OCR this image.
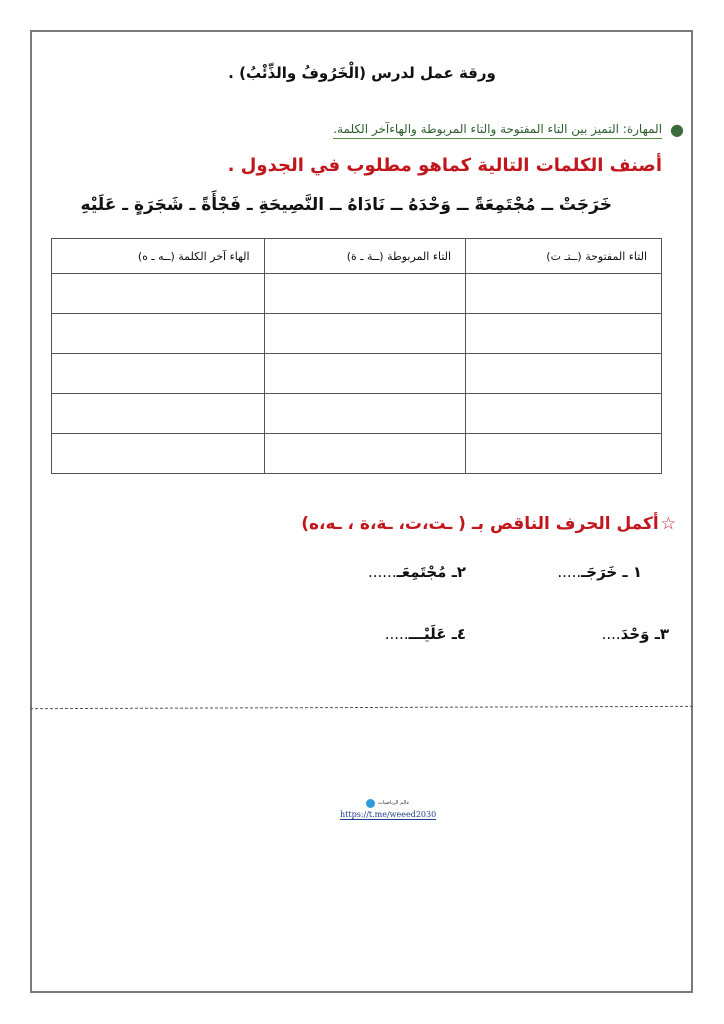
ورقة عمل لدرس (الْخَرُوفُ والذِّئْبُ) .
●المهارة: التميز بين التاء المفتوحة والتاء المربوطة والهاءآخر الكلمة.
أصنف الكلمات التالية كماهو مطلوب في الجدول .
خَرَجَتْ ــ مُجْتَمِعَةً ــ وَحْدَهُ ــ نَادَاهُ ــ النَّصِيحَةِ ـ فَجْأَةً ـ شَجَرَةٍ ـ عَلَيْهِ
التاء المفتوحة (ــتـ ت)	التاء المربوطة (ــة ـ ة)	الهاء آخر الكلمة (ــه ـ ه)

☆أكمل الحرف الناقص بـ ( ـت،ت، ـة،ة ، ـه،ه)
١ ـ خَرَجَـ.....
٢ـ مُجْتَمِعَـ......
٣ـ وَحْدَ....
٤ـ عَلَيْـــ.....
عالم الرياضيات
https://t.me/weeed2030
